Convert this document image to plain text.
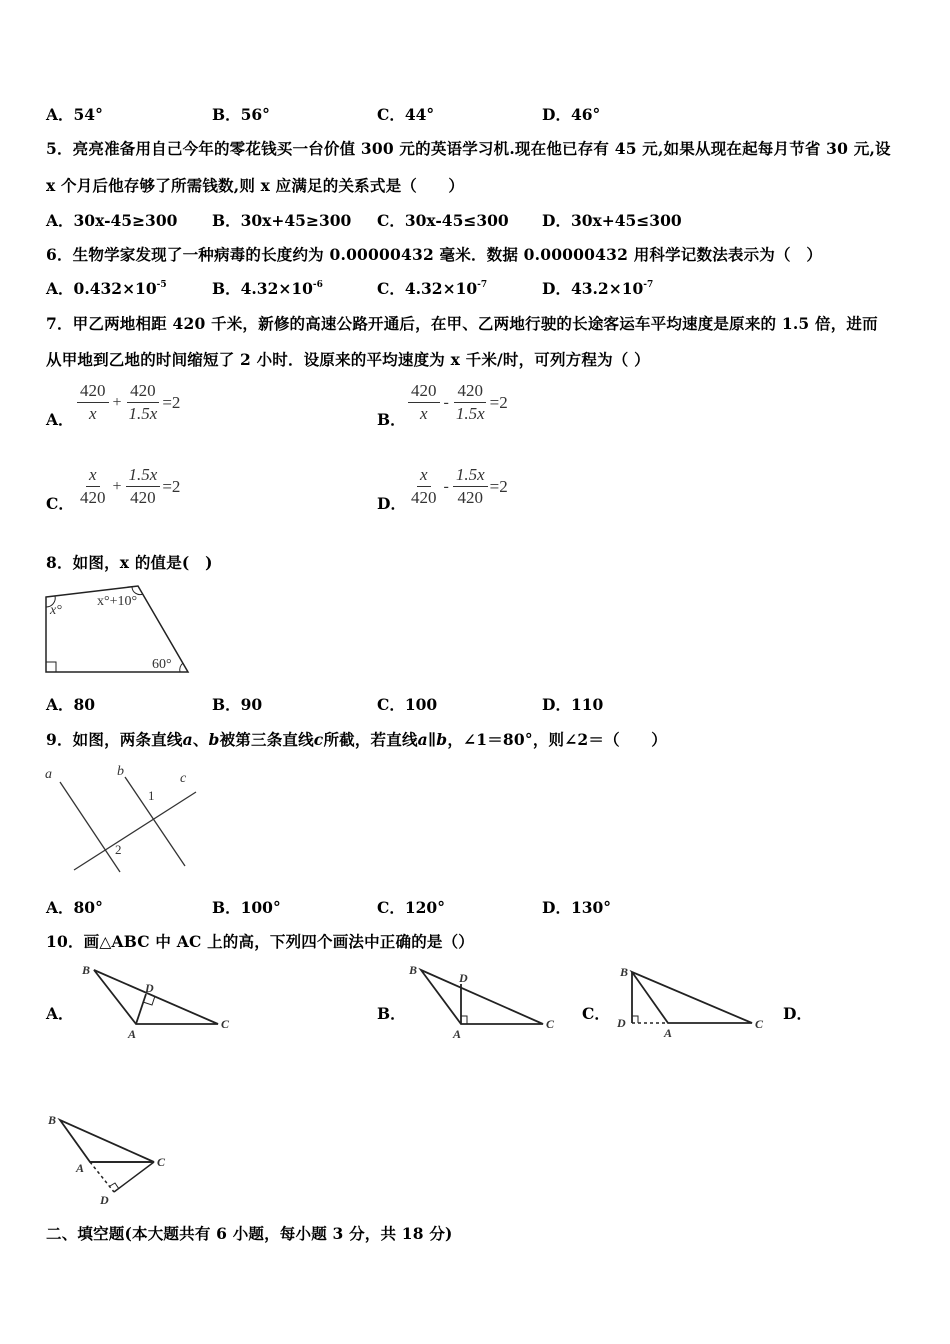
A．54°	B．56°	C．44°	D．46°
5．亮亮准备用自己今年的零花钱买一台价值 300 元的英语学习机.现在他已存有 45 元,如果从现在起每月节省 30 元,设
x 个月后他存够了所需钱数,则 x 应满足的关系式是（　　）
A．30x-45≥300 B．30x+45≥300 C．30x-45≤300 D．30x+45≤300
6．生物学家发现了一种病毒的长度约为 0.00000432 毫米．数据 0.00000432 用科学记数法表示为（　）
A．$0.432\times 10^{-5}$	B．$4.32\times 10^{-6}$	C．$4.32\times 10^{-7}$	D．$43.2\times 10^{-7}$
7．甲乙两地相距 420 千米，新修的高速公路开通后，在甲、乙两地行驶的长途客运车平均速度是原来的 1.5 倍，进而
从甲地到乙地的时间缩短了 2 小时．设原来的平均速度为 x 千米/时，可列方程为（ ）
A．
420
x
+ $\frac{420}{1.5x} =2$
B．
420
x
- $\frac{420}{1.5x} =2$
C．
x
420
+ $\frac{1.5x}{420} =2$
D．
x
420
- $\frac{1.5x}{420} =2$
8．如图，x 的值是(　)
x°
x°+10°
60°
A．80	B．90	C．100	D．110
9．如图，两条直线a、b被第三条直线c所截，若直线a∥b，∠1＝80°，则∠2＝（　　）
a	b	c
1
2
A．80°	B．100°	C．120°	D．130°
10．画△ABC 中 AC 上的高，下列四个画法中正确的是（）
A．
B
D
A
C
B．
B
D
A
C
C．
B
D
A
C
D．
B
A	C
D
二、填空题(本大题共有 6 小题，每小题 3 分，共 18 分)
